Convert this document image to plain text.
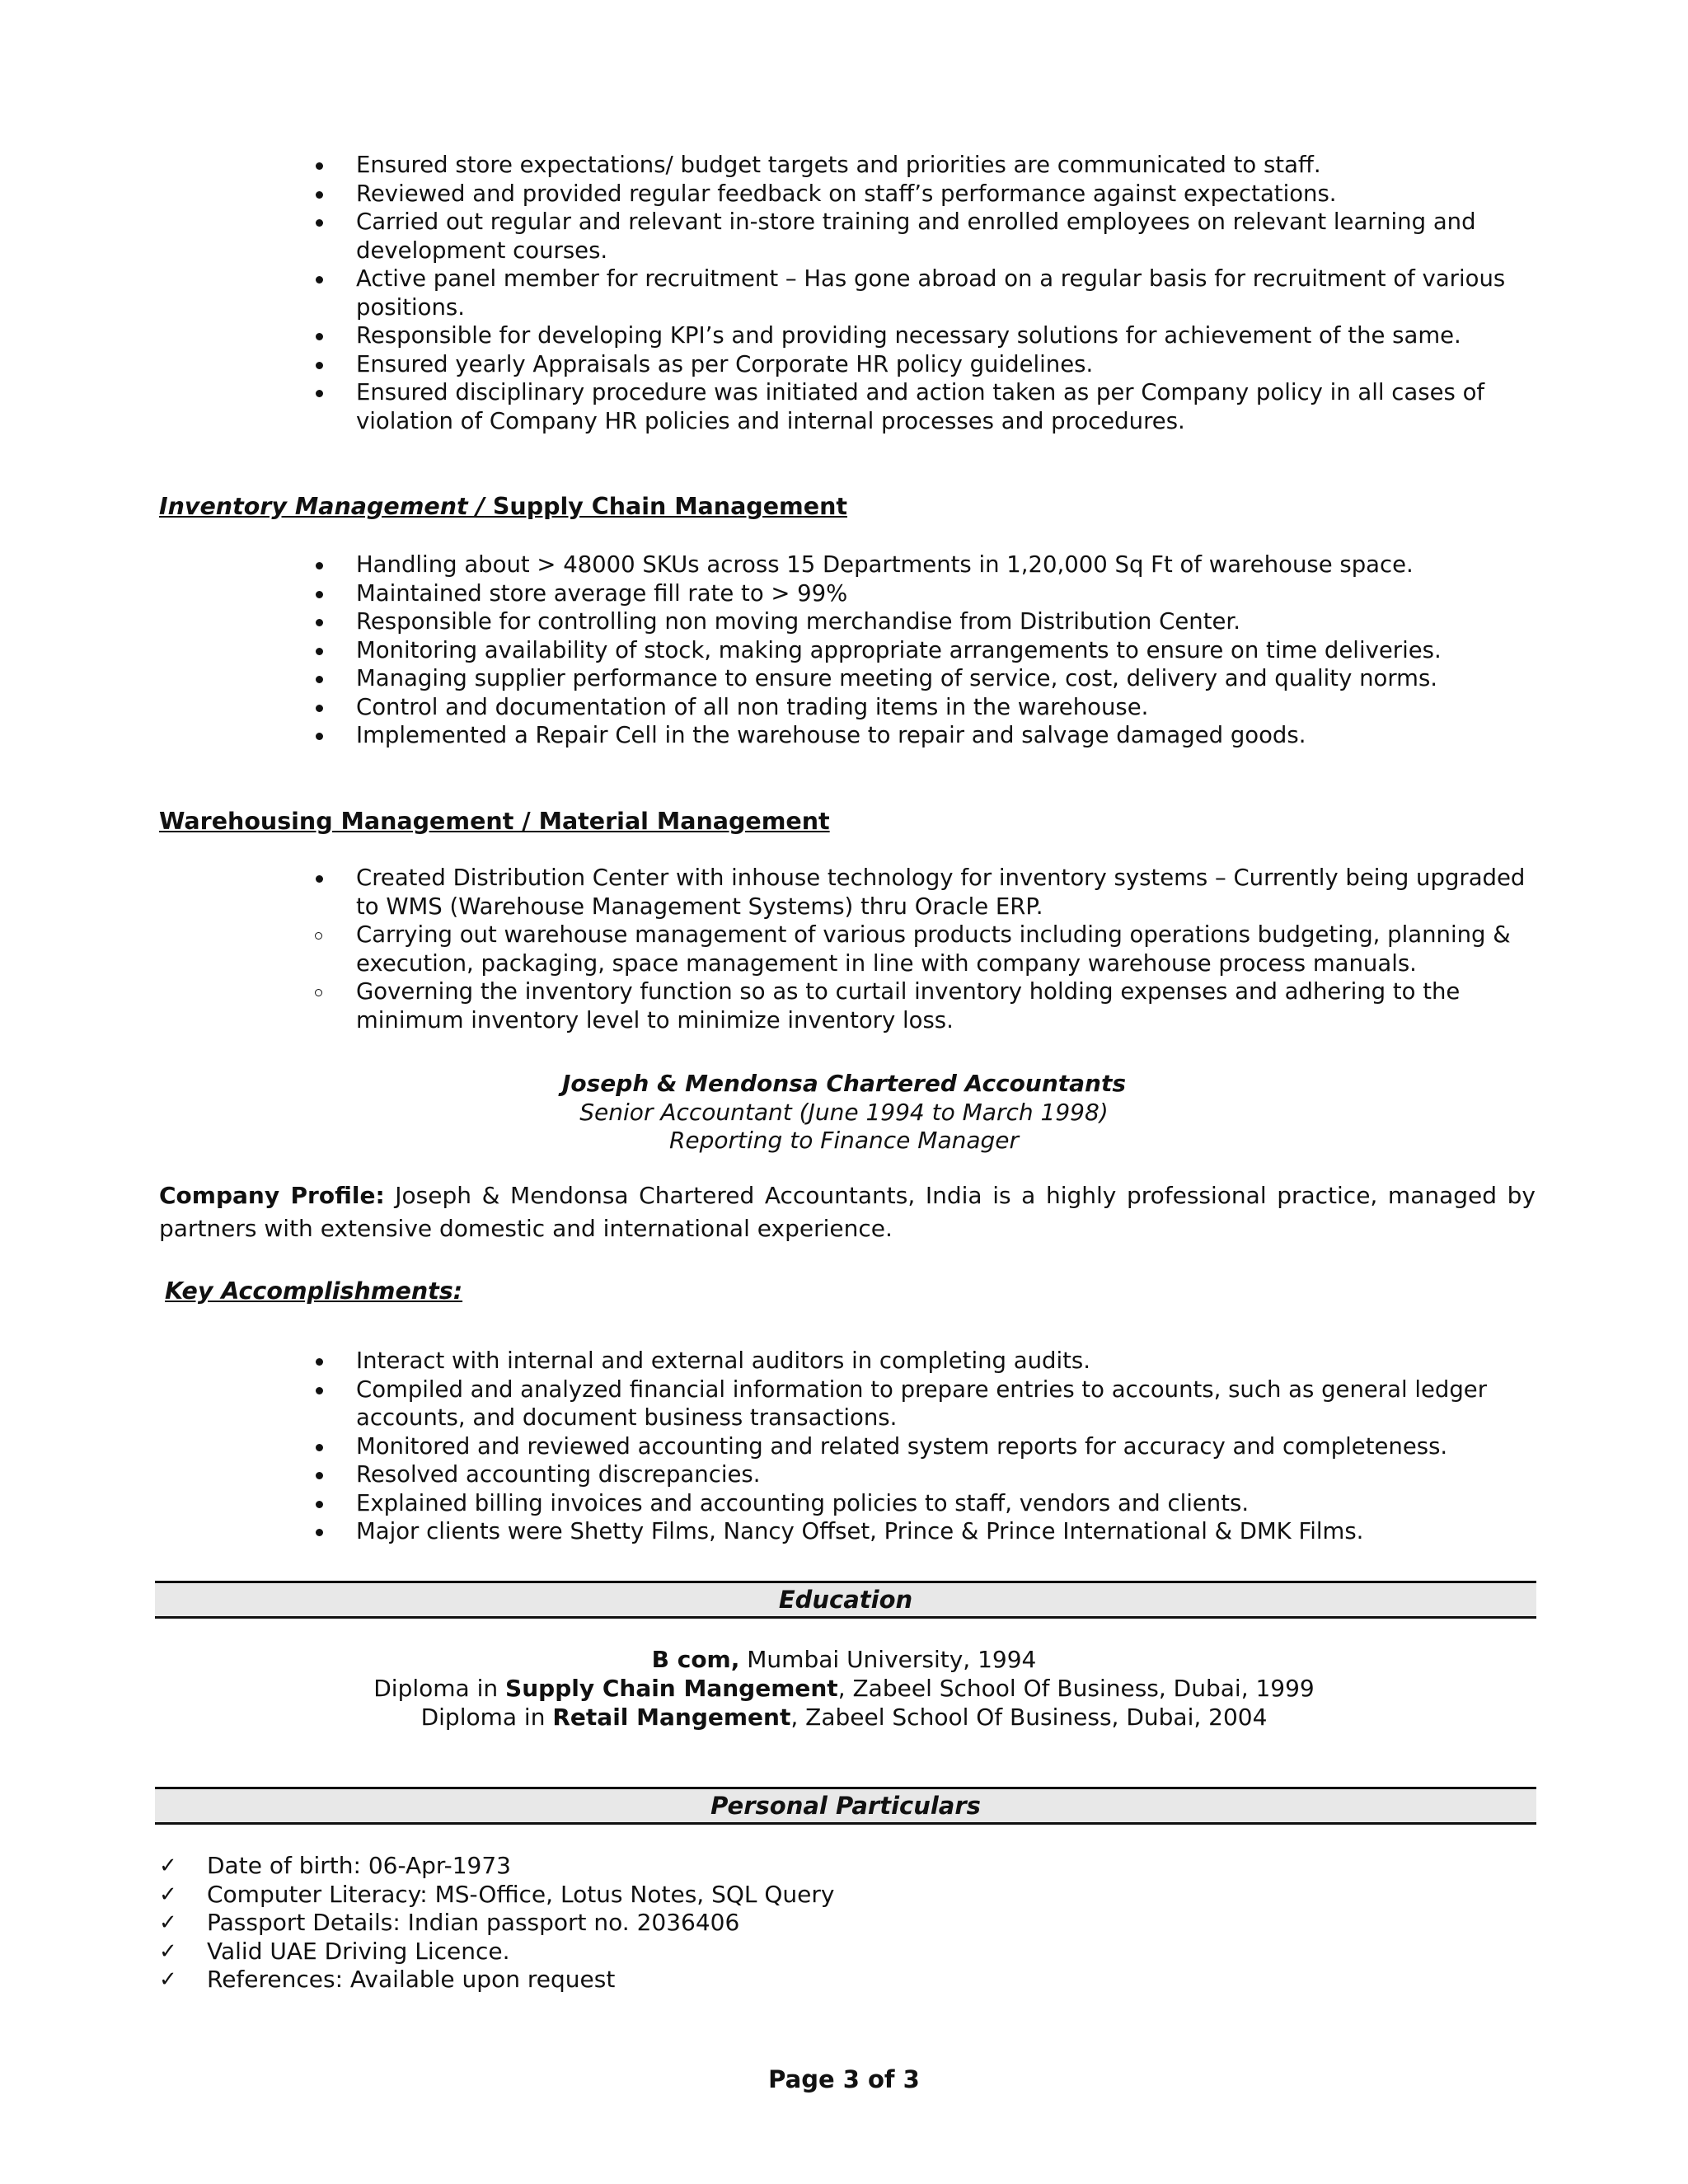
Ensured store expectations/ budget targets and priorities are communicated to staff.
Reviewed and provided regular feedback on staff’s performance against expectations.
Carried out regular and relevant in-store training and enrolled employees on relevant learning and development courses.
Active panel member for recruitment – Has gone abroad on a regular basis for recruitment of various positions.
Responsible for developing KPI’s and providing necessary solutions for achievement of the same.
Ensured yearly Appraisals as per Corporate HR policy guidelines.
Ensured disciplinary procedure was initiated and action taken as per Company policy in all cases of violation of Company HR policies and internal processes and procedures.
Inventory Management / Supply Chain Management
Handling about > 48000 SKUs across 15 Departments in 1,20,000 Sq Ft of warehouse space.
Maintained store average fill rate to > 99%
Responsible for controlling non moving merchandise from Distribution Center.
Monitoring availability of stock, making appropriate arrangements to ensure on time deliveries.
Managing supplier performance to ensure meeting of service, cost, delivery and quality norms.
Control and documentation of all non trading items in the warehouse.
Implemented a Repair Cell in the warehouse to repair and salvage damaged goods.
Warehousing Management / Material Management
Created Distribution Center with inhouse technology for inventory systems – Currently being upgraded to WMS (Warehouse Management Systems) thru Oracle ERP.
Carrying out warehouse management of various products including operations budgeting, planning & execution, packaging, space management in line with company warehouse process manuals.
Governing the inventory function so as to curtail inventory holding expenses and adhering to the minimum inventory level to minimize inventory loss.
Joseph & Mendonsa Chartered Accountants
Senior Accountant (June 1994 to March 1998)
Reporting to Finance Manager
Company Profile: Joseph & Mendonsa Chartered Accountants, India is a highly professional practice, managed by partners with extensive domestic and international experience.
Key Accomplishments:
Interact with internal and external auditors in completing audits.
Compiled and analyzed financial information to prepare entries to accounts, such as general ledger accounts, and document business transactions.
Monitored and reviewed accounting and related system reports for accuracy and completeness.
Resolved accounting discrepancies.
Explained billing invoices and accounting policies to staff, vendors and clients.
Major clients were Shetty Films, Nancy Offset, Prince & Prince International & DMK Films.
Education
B com, Mumbai University, 1994
Diploma in Supply Chain Mangement, Zabeel School Of Business, Dubai, 1999
Diploma in Retail Mangement, Zabeel School Of Business, Dubai, 2004
Personal Particulars
✓ Date of birth: 06-Apr-1973
✓ Computer Literacy: MS-Office, Lotus Notes, SQL Query
✓ Passport Details: Indian passport no. 2036406
✓ Valid UAE Driving Licence.
✓ References: Available upon request
Page 3 of 3
